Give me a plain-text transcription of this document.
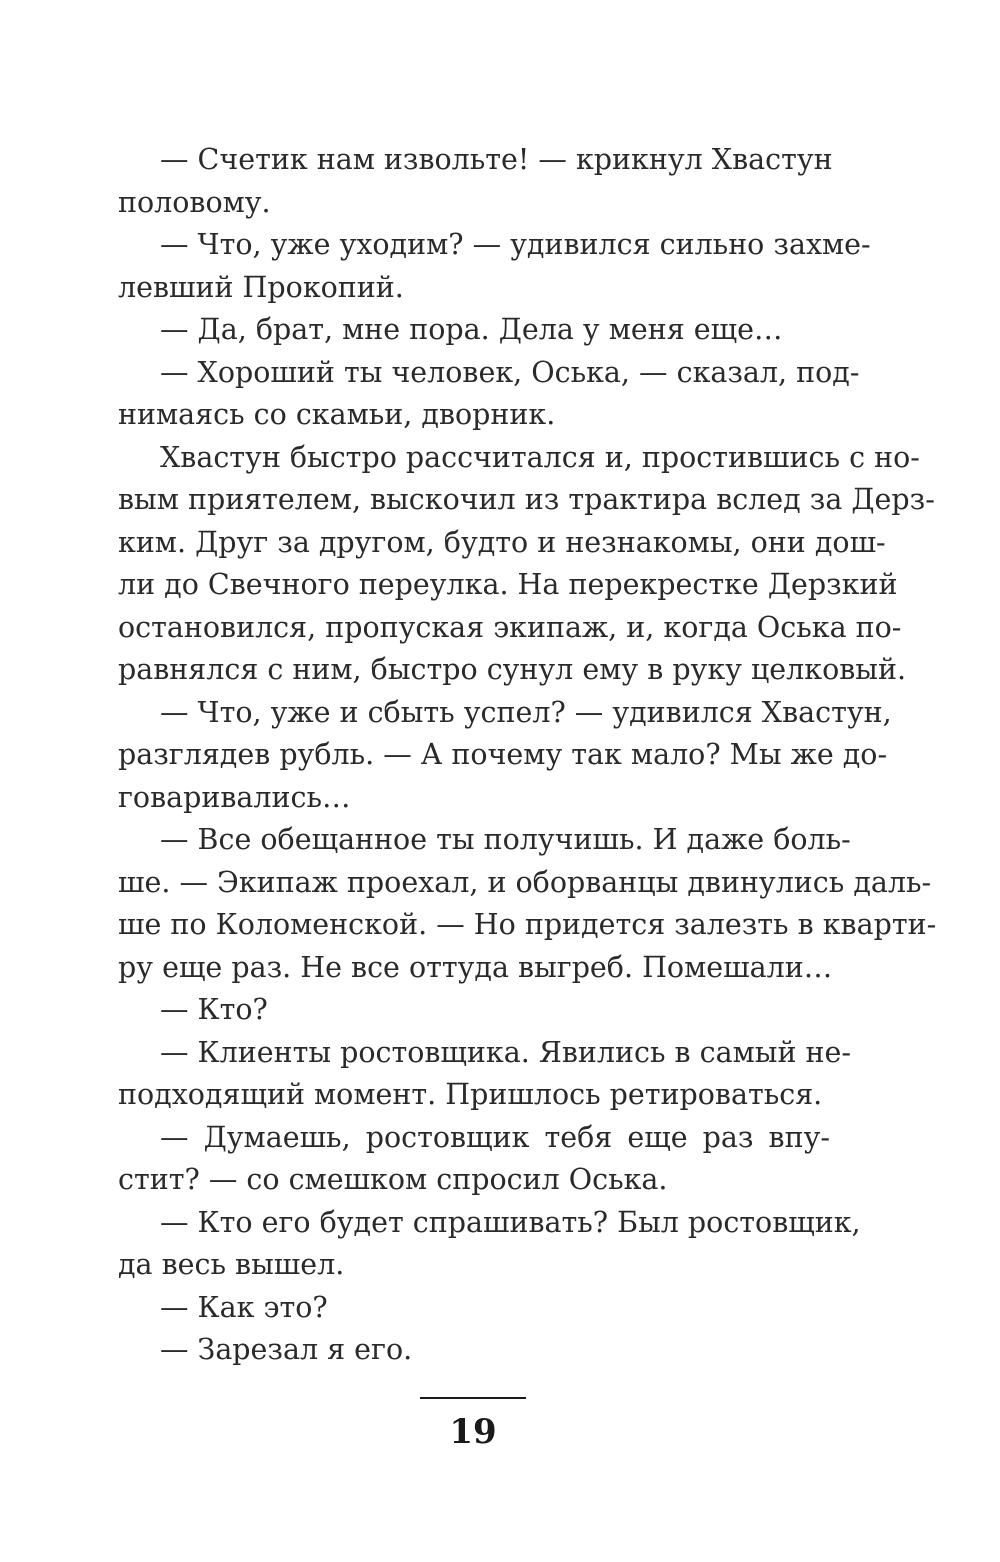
— Счетик нам извольте! — крикнул Хвастун
половому.
— Что, уже уходим? — удивился сильно захме-
левший Прокопий.
— Да, брат, мне пора. Дела у меня еще…
— Хороший ты человек, Оська, — сказал, под-
нимаясь со скамьи, дворник.
Хвастун быстро рассчитался и, простившись с но-
вым приятелем, выскочил из трактира вслед за Дерз-
ким. Друг за другом, будто и незнакомы, они дош-
ли до Свечного переулка. На перекрестке Дерзкий
остановился, пропуская экипаж, и, когда Оська по-
равнялся с ним, быстро сунул ему в руку целковый.
— Что, уже и сбыть успел? — удивился Хвастун,
разглядев рубль. — А почему так мало? Мы же до-
говаривались…
— Все обещанное ты получишь. И даже боль-
ше. — Экипаж проехал, и оборванцы двинулись даль-
ше по Коломенской. — Но придется залезть в кварти-
ру еще раз. Не все оттуда выгреб. Помешали…
— Кто?
— Клиенты ростовщика. Явились в самый не-
подходящий момент. Пришлось ретироваться.
— Думаешь, ростовщик тебя еще раз впу-
стит? — со смешком спросил Оська.
— Кто его будет спрашивать? Был ростовщик,
да весь вышел.
— Как это?
— Зарезал я его.
19
